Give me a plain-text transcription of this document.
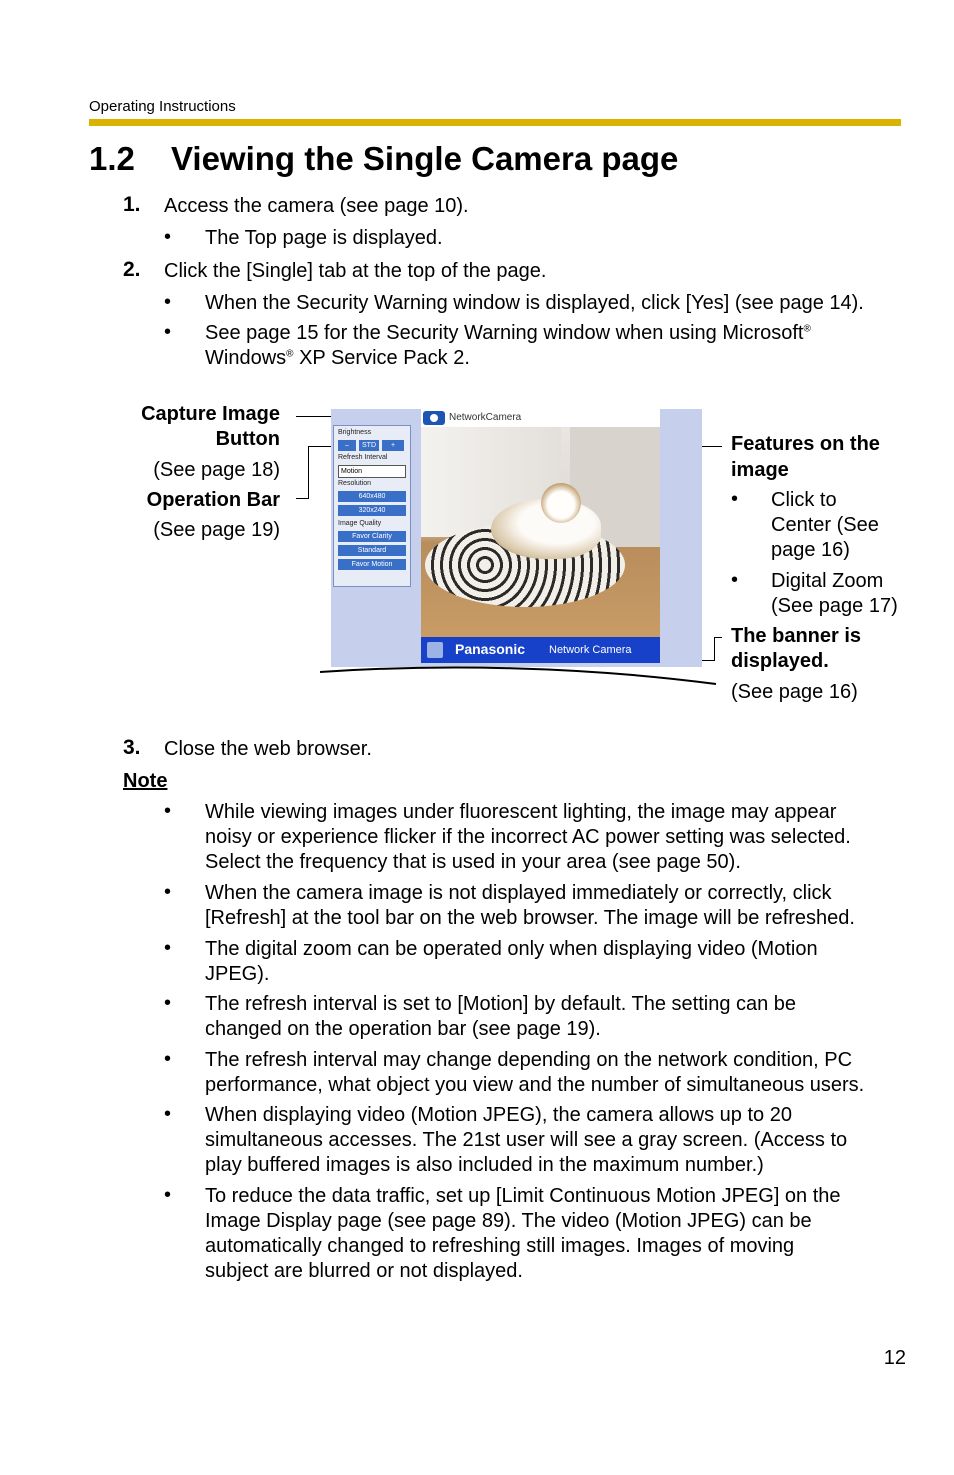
Operating Instructions
1.2 Viewing the Single Camera page
1. Access the camera (see page 10).
• The Top page is displayed.
2. Click the [Single] tab at the top of the page.
• When the Security Warning window is displayed, click [Yes] (see page 14).
• See page 15 for the Security Warning window when using Microsoft®
Windows® XP Service Pack 2.
Capture Image
Button
(See page 18)
Operation Bar
(See page 19)
NetworkCamera
Brightness
–	STD	+
Refresh Interval
Motion
Resolution
640x480
320x240
Image Quality
Favor Clarity
Standard
Favor Motion
Panasonic Network Camera
Features on the
image
• Click to
Center (See
page 16)
• Digital Zoom
(See page 17)
The banner is
displayed.
(See page 16)
3. Close the web browser.
Note
• While viewing images under fluorescent lighting, the image may appear
noisy or experience flicker if the incorrect AC power setting was selected.
Select the frequency that is used in your area (see page 50).
• When the camera image is not displayed immediately or correctly, click
[Refresh] at the tool bar on the web browser. The image will be refreshed.
• The digital zoom can be operated only when displaying video (Motion
JPEG).
• The refresh interval is set to [Motion] by default. The setting can be
changed on the operation bar (see page 19).
• The refresh interval may change depending on the network condition, PC
performance, what object you view and the number of simultaneous users.
• When displaying video (Motion JPEG), the camera allows up to 20
simultaneous accesses. The 21st user will see a gray screen. (Access to
play buffered images is also included in the maximum number.)
• To reduce the data traffic, set up [Limit Continuous Motion JPEG] on the
Image Display page (see page 89). The video (Motion JPEG) can be
automatically changed to refreshing still images. Images of moving
subject are blurred or not displayed.
12
